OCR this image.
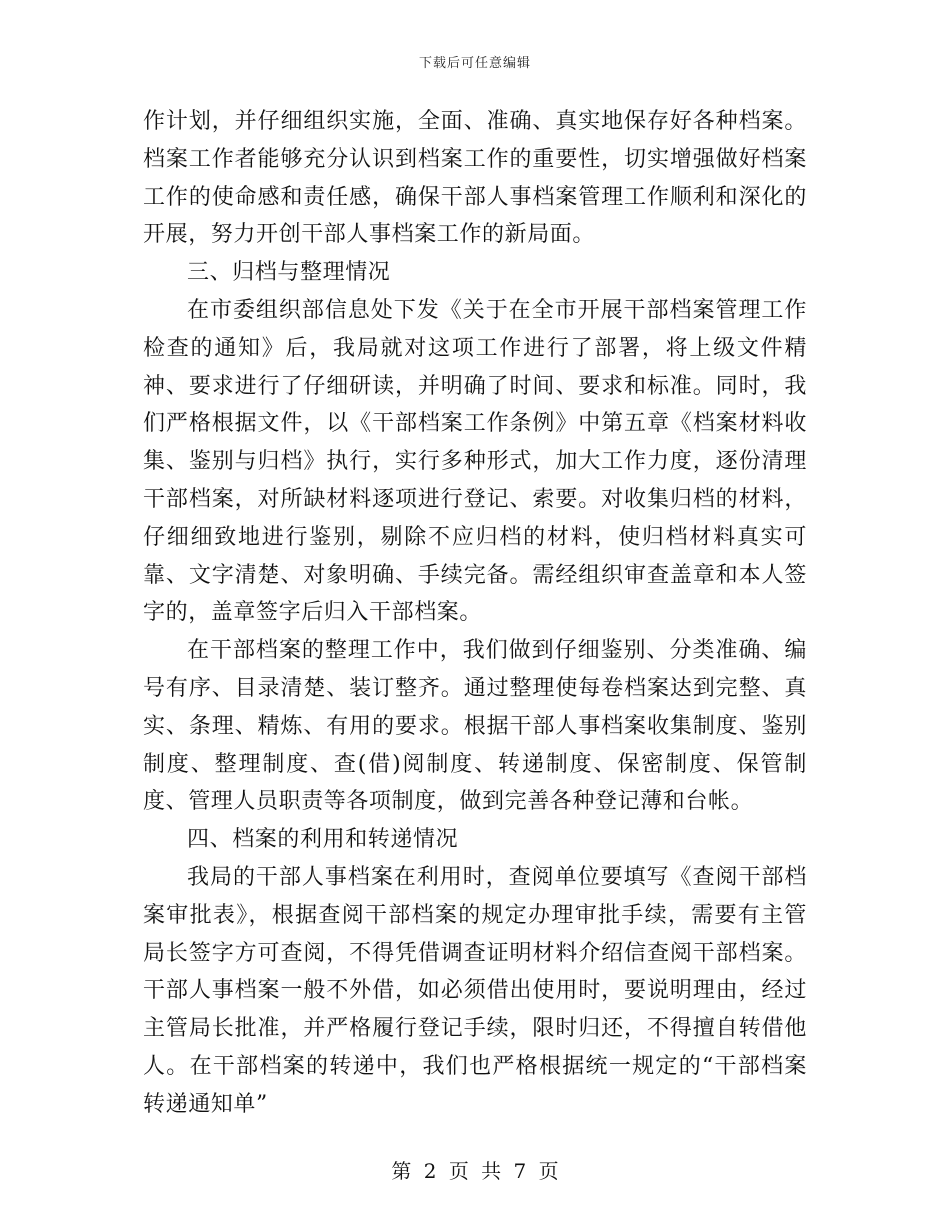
下载后可任意编辑

作计划，并仔细组织实施，全面、准确、真实地保存好各种档案。档案工作者能够充分认识到档案工作的重要性，切实增强做好档案工作的使命感和责任感，确保干部人事档案管理工作顺利和深化的开展，努力开创干部人事档案工作的新局面。

三、归档与整理情况

在市委组织部信息处下发《关于在全市开展干部档案管理工作检查的通知》后，我局就对这项工作进行了部署，将上级文件精神、要求进行了仔细研读，并明确了时间、要求和标准。同时，我们严格根据文件，以《干部档案工作条例》中第五章《档案材料收集、鉴别与归档》执行，实行多种形式，加大工作力度，逐份清理干部档案，对所缺材料逐项进行登记、索要。对收集归档的材料，仔细细致地进行鉴别，剔除不应归档的材料，使归档材料真实可靠、文字清楚、对象明确、手续完备。需经组织审查盖章和本人签字的，盖章签字后归入干部档案。

在干部档案的整理工作中，我们做到仔细鉴别、分类准确、编号有序、目录清楚、装订整齐。通过整理使每卷档案达到完整、真实、条理、精炼、有用的要求。根据干部人事档案收集制度、鉴别制度、整理制度、查(借)阅制度、转递制度、保密制度、保管制度、管理人员职责等各项制度，做到完善各种登记薄和台帐。

四、档案的利用和转递情况

我局的干部人事档案在利用时，查阅单位要填写《查阅干部档案审批表》，根据查阅干部档案的规定办理审批手续，需要有主管局长签字方可查阅，不得凭借调查证明材料介绍信查阅干部档案。干部人事档案一般不外借，如必须借出使用时，要说明理由，经过主管局长批准，并严格履行登记手续，限时归还，不得擅自转借他人。在干部档案的转递中，我们也严格根据统一规定的“干部档案转递通知单”

第 2 页 共 7 页
